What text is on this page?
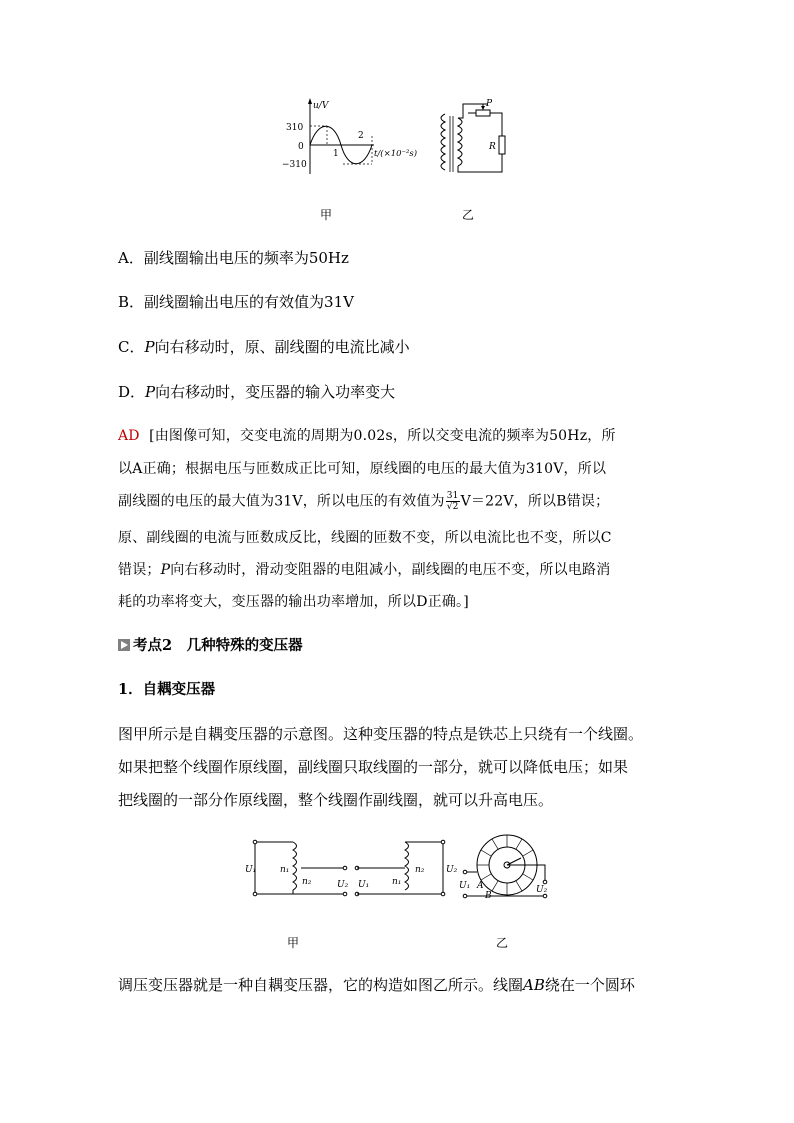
u/V
310
0
−310
1
2
t/(×10⁻²s)
P
R
甲	乙
A．副线圈输出电压的频率为50Hz
B．副线圈输出电压的有效值为31V
C．P向右移动时，原、副线圈的电流比减小
D．P向右移动时，变压器的输入功率变大
AD [由图像可知，交变电流的周期为0.02s，所以交变电流的频率为50Hz，所
以A正确；根据电压与匝数成正比可知，原线圈的电压的最大值为310V，所以
副线圈的电压的最大值为31V，所以电压的有效值为 $\frac{31}{√2} V=22V$，所以B错误；
原、副线圈的电流与匝数成反比，线圈的匝数不变，所以电流比也不变，所以C
错误；P向右移动时，滑动变阻器的电阻减小，副线圈的电压不变，所以电路消
耗的功率将变大，变压器的输出功率增加，所以D正确。]
考点2　几种特殊的变压器
1．自耦变压器
图甲所示是自耦变压器的示意图。这种变压器的特点是铁芯上只绕有一个线圈。
如果把整个线圈作原线圈，副线圈只取线圈的一部分，就可以降低电压；如果
把线圈的一部分作原线圈，整个线圈作副线圈，就可以升高电压。
U₁	n₁
n₂	U₂ U₁	n₁
n₂ U₂
U₁ A
B
U₂
甲	乙
调压变压器就是一种自耦变压器，它的构造如图乙所示。线圈AB绕在一个圆环
